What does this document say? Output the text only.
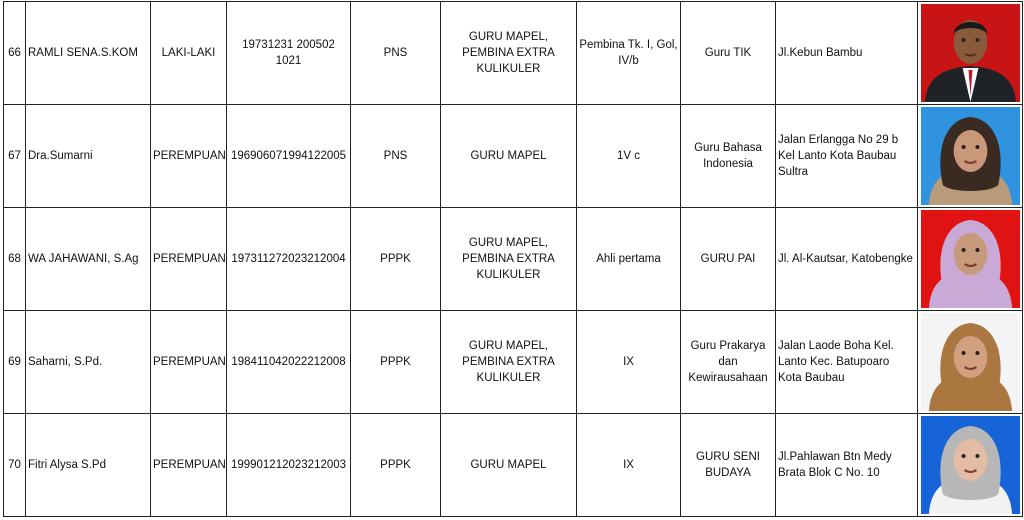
66	RAMLI SENA.S.KOM	LAKI-LAKI	19731231 200502 1021	PNS	GURU MAPEL, PEMBINA EXTRA KULIKULER	Pembina Tk. I, Gol, IV/b	Guru TIK	Jl.Kebun Bambu	

67	Dra.Sumarni	PEREMPUAN	196906071994122005	PNS	GURU MAPEL	1V c	Guru Bahasa Indonesia	Jalan Erlangga No 29 b Kel Lanto Kota Baubau Sultra	

68	WA JAHAWANI, S.Ag	PEREMPUAN	197311272023212004	PPPK	GURU MAPEL, PEMBINA EXTRA KULIKULER	Ahli pertama	GURU PAI	Jl. Al-Kautsar, Katobengke	

69	Saharni, S.Pd.	PEREMPUAN	198411042022212008	PPPK	GURU MAPEL, PEMBINA EXTRA KULIKULER	IX	Guru Prakarya dan Kewirausahaan	Jalan Laode Boha Kel. Lanto Kec. Batupoaro Kota Baubau	

70	Fitri Alysa S.Pd	PEREMPUAN	199901212023212003	PPPK	GURU MAPEL	IX	GURU SENI BUDAYA	Jl.Pahlawan Btn Medy Brata Blok C No. 10	
